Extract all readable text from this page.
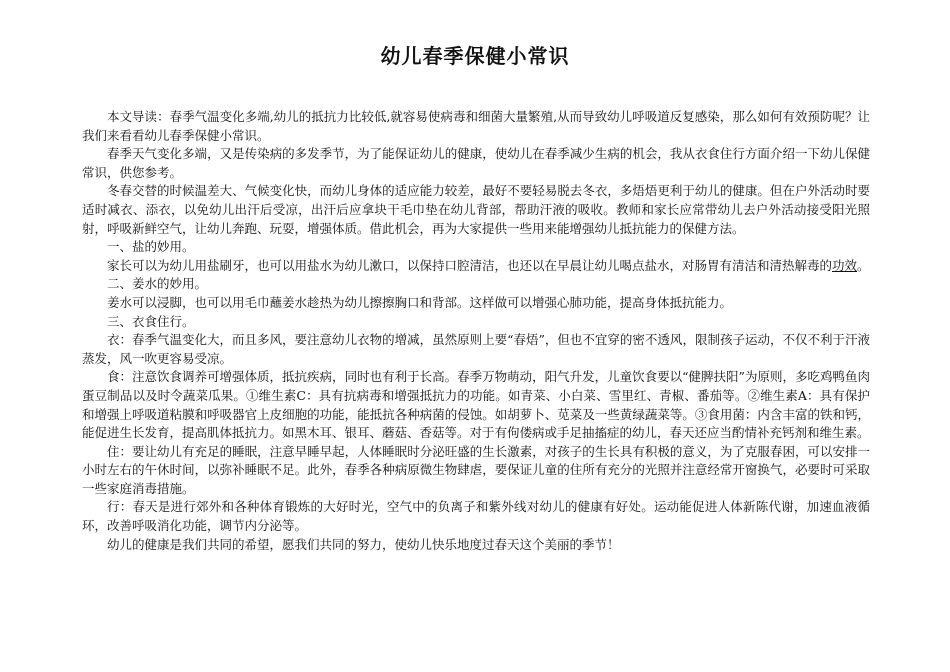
幼儿春季保健小常识

本文导读：春季气温变化多端,幼儿的抵抗力比较低,就容易使病毒和细菌大量繁殖,从而导致幼儿呼吸道反复感染，那么如何有效预防呢？让我们来看看幼儿春季保健小常识。

春季天气变化多端，又是传染病的多发季节，为了能保证幼儿的健康，使幼儿在春季减少生病的机会，我从衣食住行方面介绍一下幼儿保健常识，供您参考。

冬春交替的时候温差大、气候变化快，而幼儿身体的适应能力较差，最好不要轻易脱去冬衣，多焐焐更利于幼儿的健康。但在户外活动时要适时减衣、添衣，以免幼儿出汗后受凉，出汗后应拿块干毛巾垫在幼儿背部，帮助汗液的吸收。教师和家长应常带幼儿去户外活动接受阳光照射，呼吸新鲜空气，让幼儿奔跑、玩耍，增强体质。借此机会，再为大家提供一些用来能增强幼儿抵抗能力的保健方法。

一、盐的妙用。

家长可以为幼儿用盐刷牙，也可以用盐水为幼儿漱口，以保持口腔清洁，也还以在早晨让幼儿喝点盐水，对肠胃有清洁和清热解毒的功效。

二、姜水的妙用。

姜水可以浸脚，也可以用毛巾蘸姜水趁热为幼儿擦擦胸口和背部。这样做可以增强心肺功能，提高身体抵抗能力。

三、衣食住行。

衣：春季气温变化大，而且多风，要注意幼儿衣物的增减，虽然原则上要“春焐”，但也不宜穿的密不透风，限制孩子运动，不仅不利于汗液蒸发，风一吹更容易受凉。

食：注意饮食调养可增强体质，抵抗疾病，同时也有利于长高。春季万物萌动，阳气升发，儿童饮食要以“健脾扶阳”为原则，多吃鸡鸭鱼肉蛋豆制品以及时令蔬菜瓜果。①维生素C：具有抗病毒和增强抵抗力的功能。如青菜、小白菜、雪里红、青椒、番茄等。②维生素A：具有保护和增强上呼吸道粘膜和呼吸器官上皮细胞的功能，能抵抗各种病菌的侵蚀。如胡萝卜、苋菜及一些黄绿蔬菜等。③食用菌：内含丰富的铁和钙，能促进生长发育，提高肌体抵抗力。如黑木耳、银耳、蘑菇、香菇等。对于有佝偻病或手足抽搐症的幼儿，春天还应当酌情补充钙剂和维生素。

住：要让幼儿有充足的睡眠，注意早睡早起，人体睡眠时分泌旺盛的生长激素，对孩子的生长具有积极的意义，为了克服春困，可以安排一小时左右的午休时间，以弥补睡眠不足。此外，春季各种病原微生物肆虐，要保证儿童的住所有充分的光照并注意经常开窗换气，必要时可采取一些家庭消毒措施。

行：春天是进行郊外和各种体育锻炼的大好时光，空气中的负离子和紫外线对幼儿的健康有好处。运动能促进人体新陈代谢，加速血液循环，改善呼吸消化功能，调节内分泌等。

幼儿的健康是我们共同的希望，愿我们共同的努力，使幼儿快乐地度过春天这个美丽的季节！
